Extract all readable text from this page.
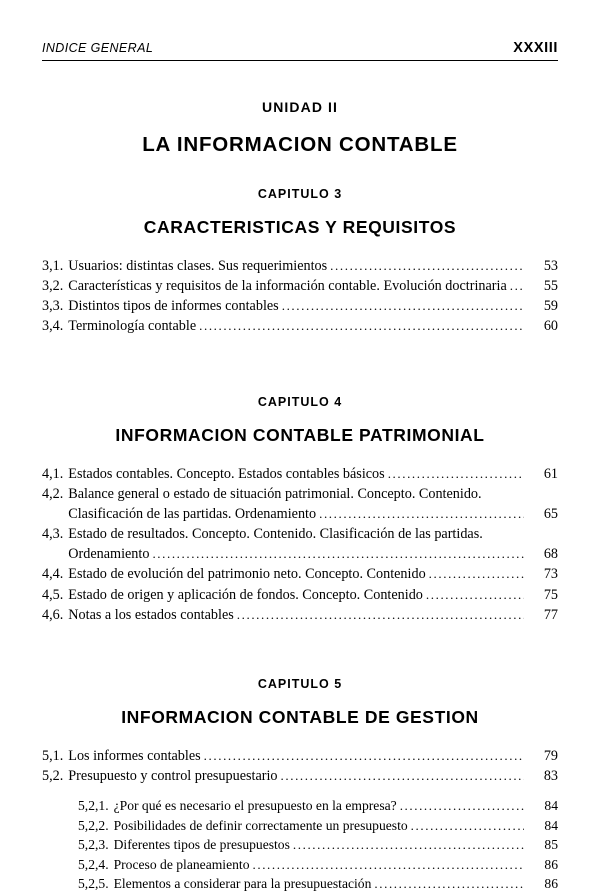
INDICE GENERAL	XXXIII
UNIDAD II
LA INFORMACION CONTABLE
CAPITULO 3
CARACTERISTICAS Y REQUISITOS
3,1. Usuarios: distintas clases. Sus requerimientos .....	53
3,2. Características y requisitos de la información contable. Evolución doctrinaria .....	55
3,3. Distintos tipos de informes contables .....	59
3,4. Terminología contable .....	60
CAPITULO 4
INFORMACION CONTABLE PATRIMONIAL
4,1. Estados contables. Concepto. Estados contables básicos .....	61
4,2. Balance general o estado de situación patrimonial. Concepto. Contenido.
Clasificación de las partidas. Ordenamiento .....	65
4,3. Estado de resultados. Concepto. Contenido. Clasificación de las partidas.
Ordenamiento .....	68
4,4. Estado de evolución del patrimonio neto. Concepto. Contenido .....	73
4,5. Estado de origen y aplicación de fondos. Concepto. Contenido .....	75
4,6. Notas a los estados contables .....	77
CAPITULO 5
INFORMACION CONTABLE DE GESTION
5,1. Los informes contables .....	79
5,2. Presupuesto y control presupuestario .....	83
5,2,1. ¿Por qué es necesario el presupuesto en la empresa? .....	84
5,2,2. Posibilidades de definir correctamente un presupuesto .....	84
5,2,3. Diferentes tipos de presupuestos .....	85
5,2,4. Proceso de planeamiento .....	86
5,2,5. Elementos a considerar para la presupuestación .....	86
